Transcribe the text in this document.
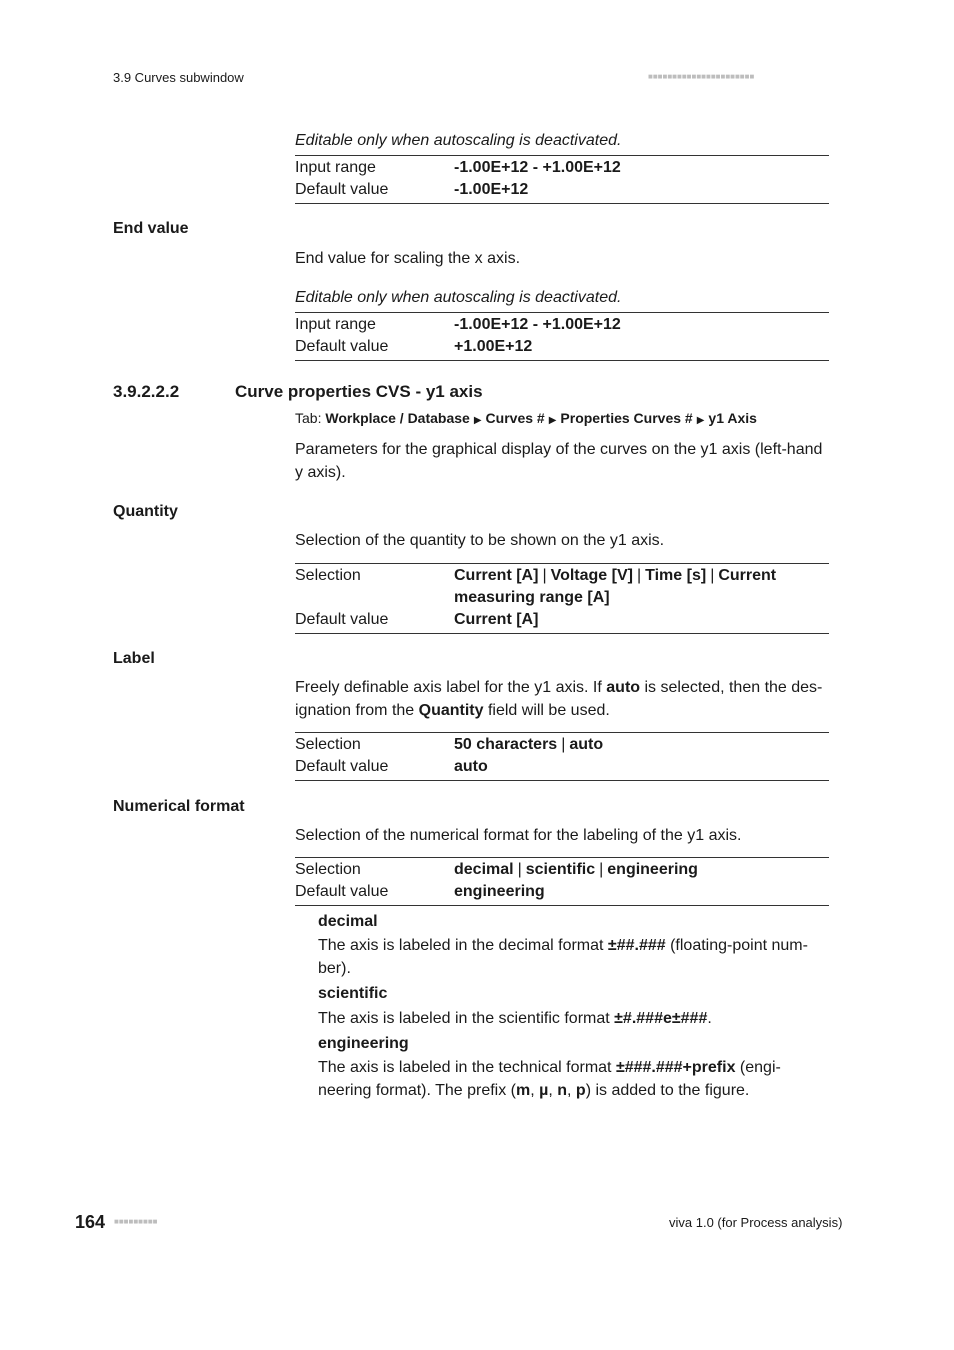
3.9 Curves subwindow	■■■■■■■■■■■■■■■■■■■■■■
Editable only when autoscaling is deactivated.
Input range	-1.00E+12 - +1.00E+12
Default value	-1.00E+12
End value
End value for scaling the x axis.
Editable only when autoscaling is deactivated.
Input range	-1.00E+12 - +1.00E+12
Default value	+1.00E+12
3.9.2.2.2	Curve properties CVS - y1 axis
Tab: Workplace / Database ▶ Curves # ▶ Properties Curves # ▶ y1 Axis
Parameters for the graphical display of the curves on the y1 axis (left-hand y axis).
Quantity
Selection of the quantity to be shown on the y1 axis.
Selection	Current [A] | Voltage [V] | Time [s] | Current measuring range [A]
Default value	Current [A]
Label
Freely definable axis label for the y1 axis. If auto is selected, then the des-ignation from the Quantity field will be used.
Selection	50 characters | auto
Default value	auto
Numerical format
Selection of the numerical format for the labeling of the y1 axis.
Selection	decimal | scientific | engineering
Default value	engineering
decimal
The axis is labeled in the decimal format ±##.### (floating-point num-ber).
scientific
The axis is labeled in the scientific format ±#.###e±###.
engineering
The axis is labeled in the technical format ±###.###+prefix (engi-neering format). The prefix (m, µ, n, p) is added to the figure.
164 ■■■■■■■■■	viva 1.0 (for Process analysis)
